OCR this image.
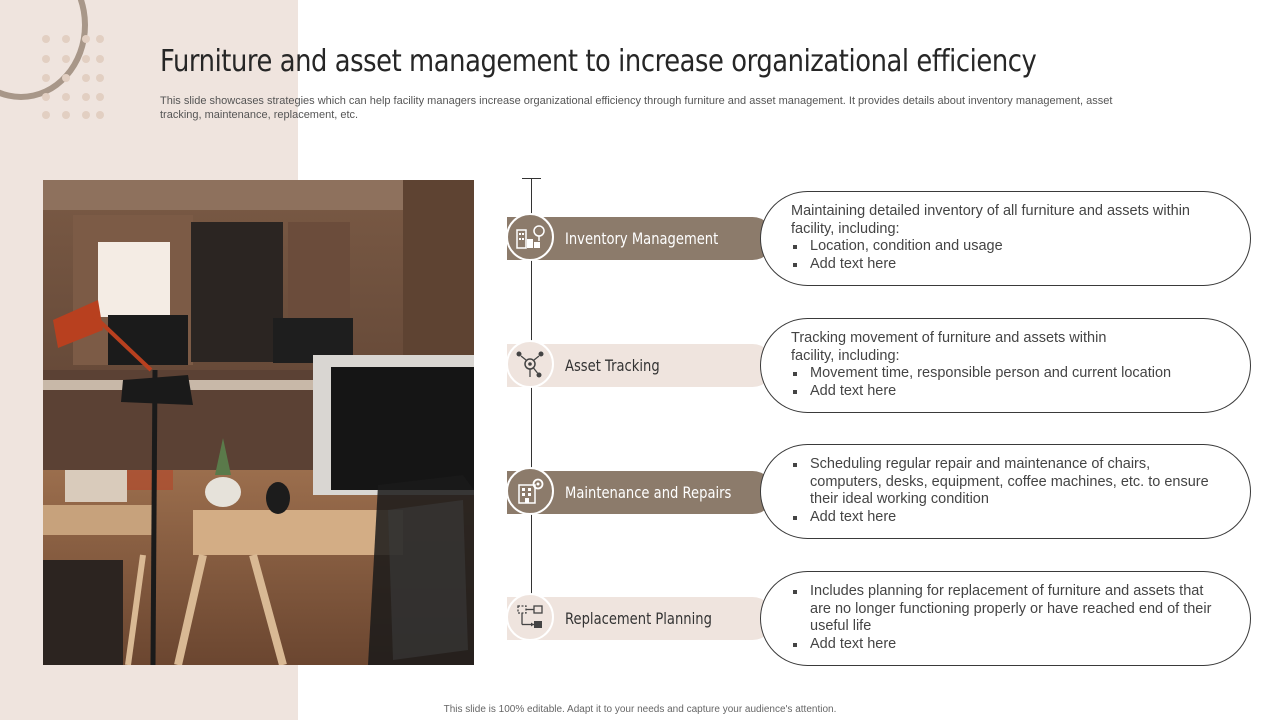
Furniture and asset management to increase organizational efficiency

This slide showcases strategies which can help facility managers increase organizational efficiency through furniture and asset management. It provides details about inventory management, asset tracking, maintenance, replacement, etc.

Inventory Management

Maintaining detailed inventory of all furniture and assets within facility, including:

Location, condition and usage
Add text here
Asset Tracking

Tracking movement of furniture and assets within facility, including:

Movement time, responsible person and current location
Add text here
Maintenance and Repairs
Scheduling regular repair and maintenance of chairs, computers, desks, equipment, coffee machines, etc. to ensure their ideal working condition
Add text here
Replacement Planning
Includes planning for replacement of furniture and assets that are no longer functioning properly or have reached end of their useful life
Add text here
This slide is 100% editable. Adapt it to your needs and capture your audience's attention.
